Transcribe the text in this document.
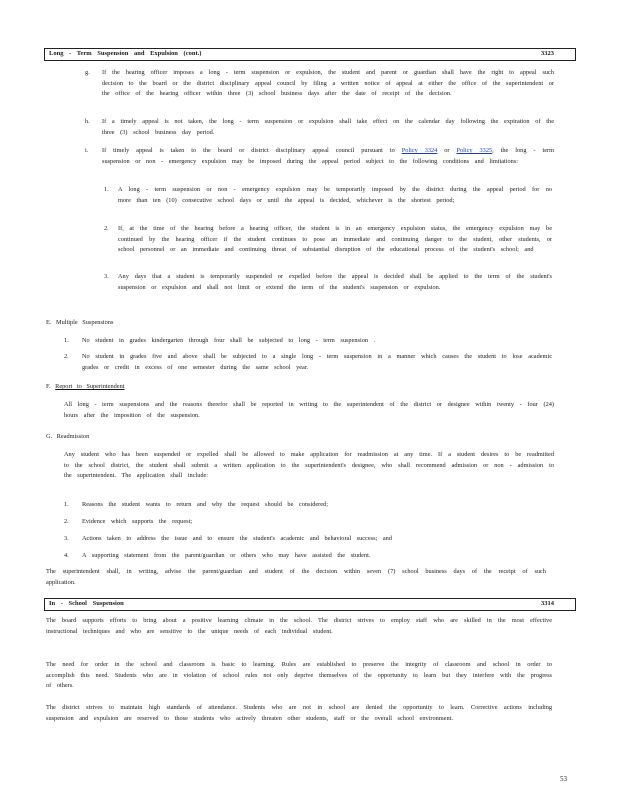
Long - Term Suspension and Expulsion (cont.)	3323
g. If the hearing officer imposes a long - term suspension or expulsion, the student and parent or guardian shall have the right to appeal such decision to the board or the district disciplinary appeal council by filing a written notice of appeal at either the office of the superintendent or the office of the hearing officer within three (3) school business days after the date of receipt of the decision.
h. If a timely appeal is not taken, the long - term suspension or expulsion shall take effect on the calendar day following the expiration of the three (3) school business day period.
i. If timely appeal is taken to the board or district disciplinary appeal council pursuant to Policy 3324 or Policy 3325, the long - term suspension or non - emergency expulsion may be imposed during the appeal period subject to the following conditions and limitations:
1. A long - term suspension or non - emergency expulsion may be temporarily imposed by the district during the appeal period for no more than ten (10) consecutive school days or until the appeal is decided, whichever is the shortest period;
2. If, at the time of the hearing before a hearing officer, the student is in an emergency expulsion status, the emergency expulsion may be continued by the hearing officer if the student continues to pose an immediate and continuing danger to the student, other students, or school personnel or an immediate and continuing threat of substantial disruption of the educational process of the student's school; and
3. Any days that a student is temporarily suspended or expelled before the appeal is decided shall be applied to the term of the student's suspension or expulsion and shall not limit or extend the term of the student's suspension or expulsion.
E. Multiple Suspensions
1. No student in grades kindergarten through four shall be subjected to long - term suspension .
2. No student in grades five and above shall be subjected to a single long - term suspension in a manner which causes the student to lose academic grades or credit in excess of one semester during the same school year.
F. Report to Superintendent
All long - term suspensions and the reasons therefor shall be reported in writing to the superintendent of the district or designee within twenty - four (24) hours after the imposition of the suspension.
G. Readmission
Any student who has been suspended or expelled shall be allowed to make application for readmission at any time. If a student desires to be readmitted to the school district, the student shall submit a written application to the superintendent's designee, who shall recommend admission or non - admission to the superintendent. The application shall include:
1. Reasons the student wants to return and why the request should be considered;
2. Evidence which supports the request;
3. Actions taken to address the issue and to ensure the student's academic and behavioral success; and
4. A supporting statement from the parent/guardian or others who may have assisted the student.
The superintendent shall, in writing, advise the parent/guardian and student of the decision within seven (7) school business days of the receipt of such application.
In - School Suspension	3314
The board supports efforts to bring about a positive learning climate in the school. The district strives to employ staff who are skilled in the most effective instructional techniques and who are sensitive to the unique needs of each individual student.
The need for order in the school and classroom is basic to learning. Rules are established to preserve the integrity of classroom and school in order to accomplish this need. Students who are in violation of school rules not only deprive themselves of the opportunity to learn but they interfere with the progress of others.
The district strives to maintain high standards of attendance. Students who are not in school are denied the opportunity to learn. Corrective actions including suspension and expulsion are reserved to those students who actively threaten other students, staff or the overall school environment.
53
